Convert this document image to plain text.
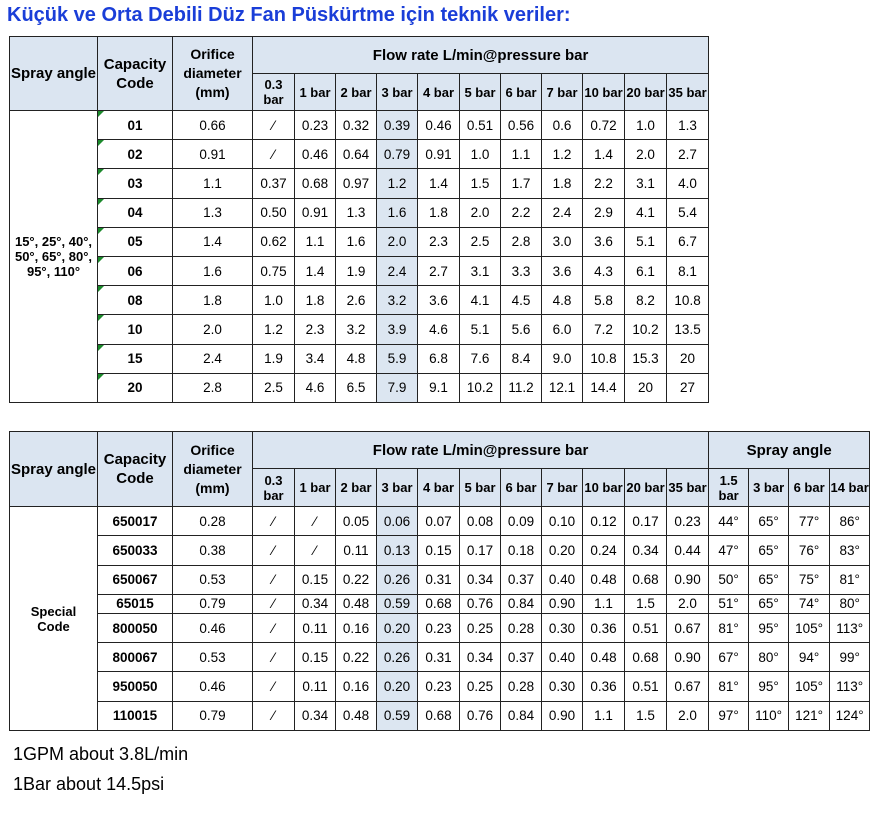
Küçük ve Orta Debili Düz Fan Püskürtme için teknik veriler:
Spray angle	Capacity Code	Orifice diameter (mm)	Flow rate L/min@pressure bar										
			0.3 bar	1 bar	2 bar	3 bar	4 bar	5 bar	6 bar	7 bar	10 bar	20 bar	35 bar
15°, 25°, 40°, 50°, 65°, 80°, 95°, 110°	01	0.66	⁄	0.23	0.32	0.39	0.46	0.51	0.56	0.6	0.72	1.0	1.3
	02	0.91	⁄	0.46	0.64	0.79	0.91	1.0	1.1	1.2	1.4	2.0	2.7
	03	1.1	0.37	0.68	0.97	1.2	1.4	1.5	1.7	1.8	2.2	3.1	4.0
	04	1.3	0.50	0.91	1.3	1.6	1.8	2.0	2.2	2.4	2.9	4.1	5.4
	05	1.4	0.62	1.1	1.6	2.0	2.3	2.5	2.8	3.0	3.6	5.1	6.7
	06	1.6	0.75	1.4	1.9	2.4	2.7	3.1	3.3	3.6	4.3	6.1	8.1
	08	1.8	1.0	1.8	2.6	3.2	3.6	4.1	4.5	4.8	5.8	8.2	10.8
	10	2.0	1.2	2.3	3.2	3.9	4.6	5.1	5.6	6.0	7.2	10.2	13.5
	15	2.4	1.9	3.4	4.8	5.9	6.8	7.6	8.4	9.0	10.8	15.3	20
	20	2.8	2.5	4.6	6.5	7.9	9.1	10.2	11.2	12.1	14.4	20	27
Spray angle	Capacity Code	Orifice diameter (mm)	Flow rate L/min@pressure bar											Spray angle			
			0.3 bar	1 bar	2 bar	3 bar	4 bar	5 bar	6 bar	7 bar	10 bar	20 bar	35 bar	1.5 bar	3 bar	6 bar	14 bar
Special Code	650017	0.28	⁄	⁄	0.05	0.06	0.07	0.08	0.09	0.10	0.12	0.17	0.23	44°	65°	77°	86°
	650033	0.38	⁄	⁄	0.11	0.13	0.15	0.17	0.18	0.20	0.24	0.34	0.44	47°	65°	76°	83°
	650067	0.53	⁄	0.15	0.22	0.26	0.31	0.34	0.37	0.40	0.48	0.68	0.90	50°	65°	75°	81°
	65015	0.79	⁄	0.34	0.48	0.59	0.68	0.76	0.84	0.90	1.1	1.5	2.0	51°	65°	74°	80°
	800050	0.46	⁄	0.11	0.16	0.20	0.23	0.25	0.28	0.30	0.36	0.51	0.67	81°	95°	105°	113°
	800067	0.53	⁄	0.15	0.22	0.26	0.31	0.34	0.37	0.40	0.48	0.68	0.90	67°	80°	94°	99°
	950050	0.46	⁄	0.11	0.16	0.20	0.23	0.25	0.28	0.30	0.36	0.51	0.67	81°	95°	105°	113°
	110015	0.79	⁄	0.34	0.48	0.59	0.68	0.76	0.84	0.90	1.1	1.5	2.0	97°	110°	121°	124°
1GPM about 3.8L/min
1Bar about 14.5psi
